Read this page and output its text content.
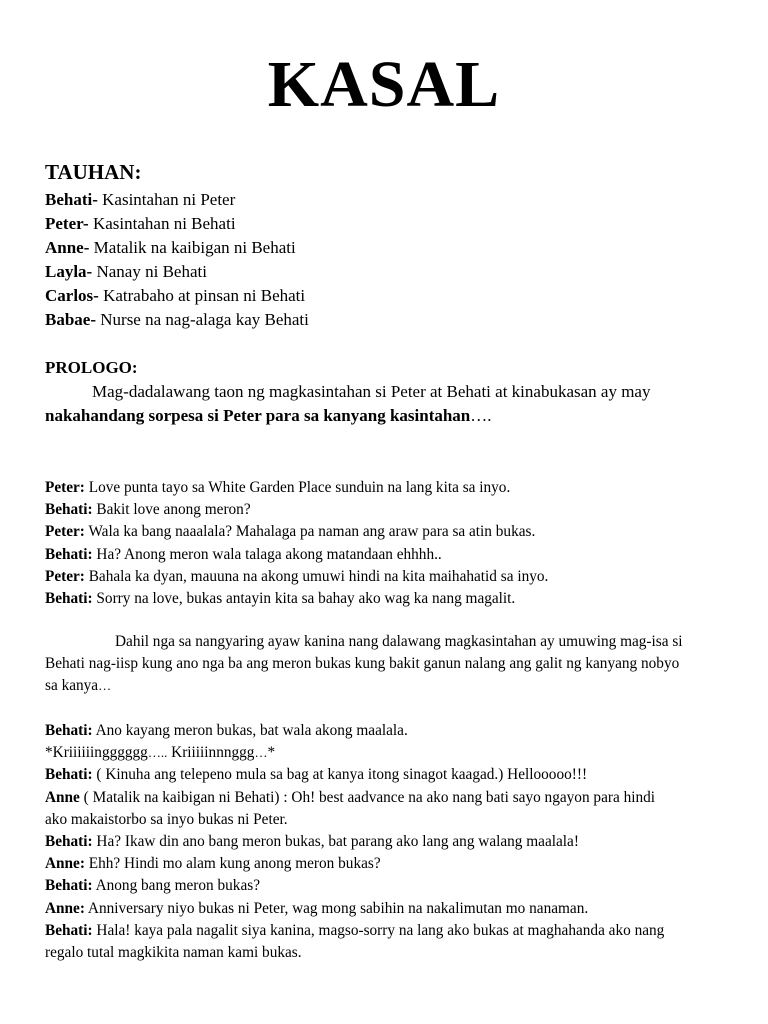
KASAL
TAUHAN:
Behati- Kasintahan ni Peter
Peter- Kasintahan ni Behati
Anne- Matalik na kaibigan ni Behati
Layla- Nanay ni Behati
Carlos- Katrabaho at pinsan ni Behati
Babae- Nurse na nag-alaga kay Behati
PROLOGO:
Mag-dadalawang taon ng magkasintahan si Peter at Behati at kinabukasan ay may
nakahandang sorpesa si Peter para sa kanyang kasintahan….
Peter: Love punta tayo sa White Garden Place sunduin na lang kita sa inyo.
Behati: Bakit love anong meron?
Peter: Wala ka bang naaalala? Mahalaga pa naman ang araw para sa atin bukas.
Behati: Ha? Anong meron wala talaga akong matandaan ehhhh..
Peter: Bahala ka dyan, mauuna na akong umuwi hindi na kita maihahatid sa inyo.
Behati: Sorry na love, bukas antayin kita sa bahay ako wag ka nang magalit.
Dahil nga sa nangyaring ayaw kanina nang dalawang magkasintahan ay umuwing mag-isa si
Behati nag-iisp kung ano nga ba ang meron bukas kung bakit ganun nalang ang galit ng kanyang nobyo
sa kanya…
Behati: Ano kayang meron bukas, bat wala akong maalala.
*Kriiiiiingggggg….. Kriiiiinnnggg…*
Behati: ( Kinuha ang telepeno mula sa bag at kanya itong sinagot kaagad.) Hellooooo!!!
Anne ( Matalik na kaibigan ni Behati) : Oh! best aadvance na ako nang bati sayo ngayon para hindi
ako makaistorbo sa inyo bukas ni Peter.
Behati: Ha? Ikaw din ano bang meron bukas, bat parang ako lang ang walang maalala!
Anne: Ehh? Hindi mo alam kung anong meron bukas?
Behati: Anong bang meron bukas?
Anne: Anniversary niyo bukas ni Peter, wag mong sabihin na nakalimutan mo nanaman.
Behati: Hala! kaya pala nagalit siya kanina, magso-sorry na lang ako bukas at maghahanda ako nang
regalo tutal magkikita naman kami bukas.
